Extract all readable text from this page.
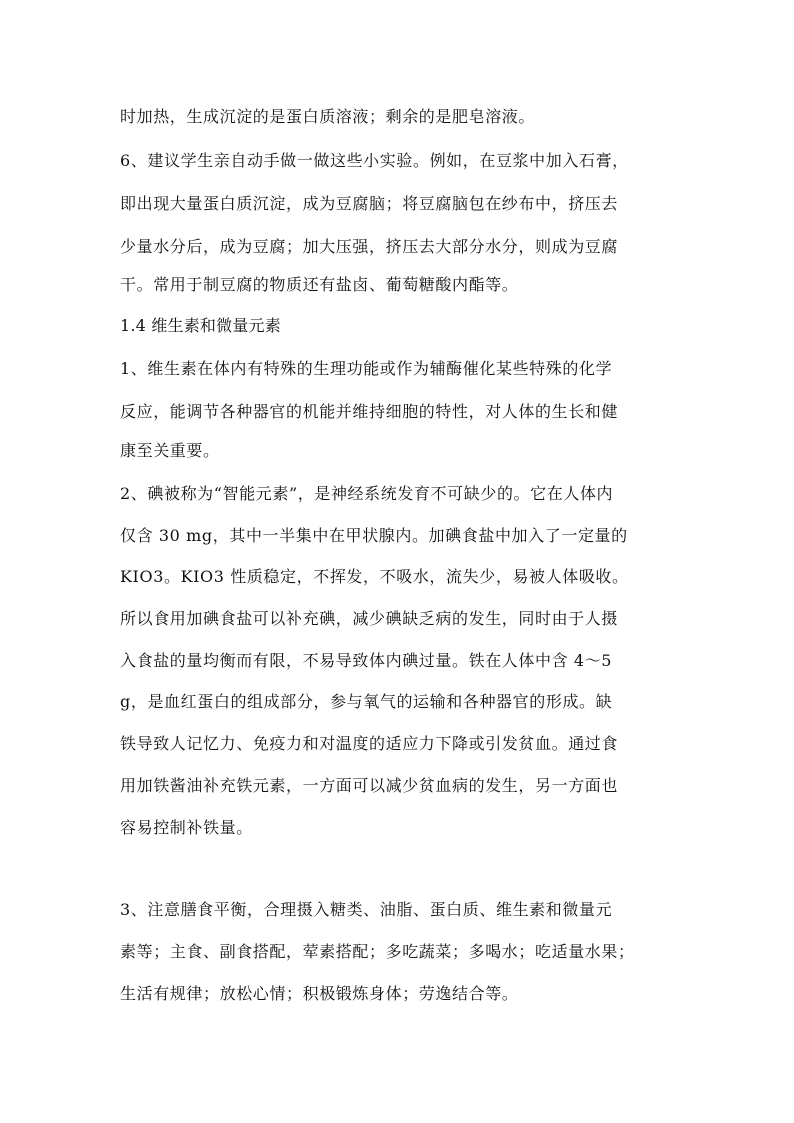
时加热，生成沉淀的是蛋白质溶液；剩余的是肥皂溶液。

6、建议学生亲自动手做一做这些小实验。例如，在豆浆中加入石膏，

即出现大量蛋白质沉淀，成为豆腐脑；将豆腐脑包在纱布中，挤压去

少量水分后，成为豆腐；加大压强，挤压去大部分水分，则成为豆腐

干。常用于制豆腐的物质还有盐卤、葡萄糖酸内酯等。

1.4 维生素和微量元素

1、维生素在体内有特殊的生理功能或作为辅酶催化某些特殊的化学

反应，能调节各种器官的机能并维持细胞的特性，对人体的生长和健

康至关重要。

2、碘被称为“智能元素”，是神经系统发育不可缺少的。它在人体内

仅含 30 mg，其中一半集中在甲状腺内。加碘食盐中加入了一定量的

KIO3。KIO3 性质稳定，不挥发，不吸水，流失少，易被人体吸收。

所以食用加碘食盐可以补充碘，减少碘缺乏病的发生，同时由于人摄

入食盐的量均衡而有限，不易导致体内碘过量。铁在人体中含 4～5

g，是血红蛋白的组成部分，参与氧气的运输和各种器官的形成。缺

铁导致人记忆力、免疫力和对温度的适应力下降或引发贫血。通过食

用加铁酱油补充铁元素，一方面可以减少贫血病的发生，另一方面也

容易控制补铁量。

3、注意膳食平衡，合理摄入糖类、油脂、蛋白质、维生素和微量元

素等；主食、副食搭配，荤素搭配；多吃蔬菜；多喝水；吃适量水果；

生活有规律；放松心情；积极锻炼身体；劳逸结合等。
